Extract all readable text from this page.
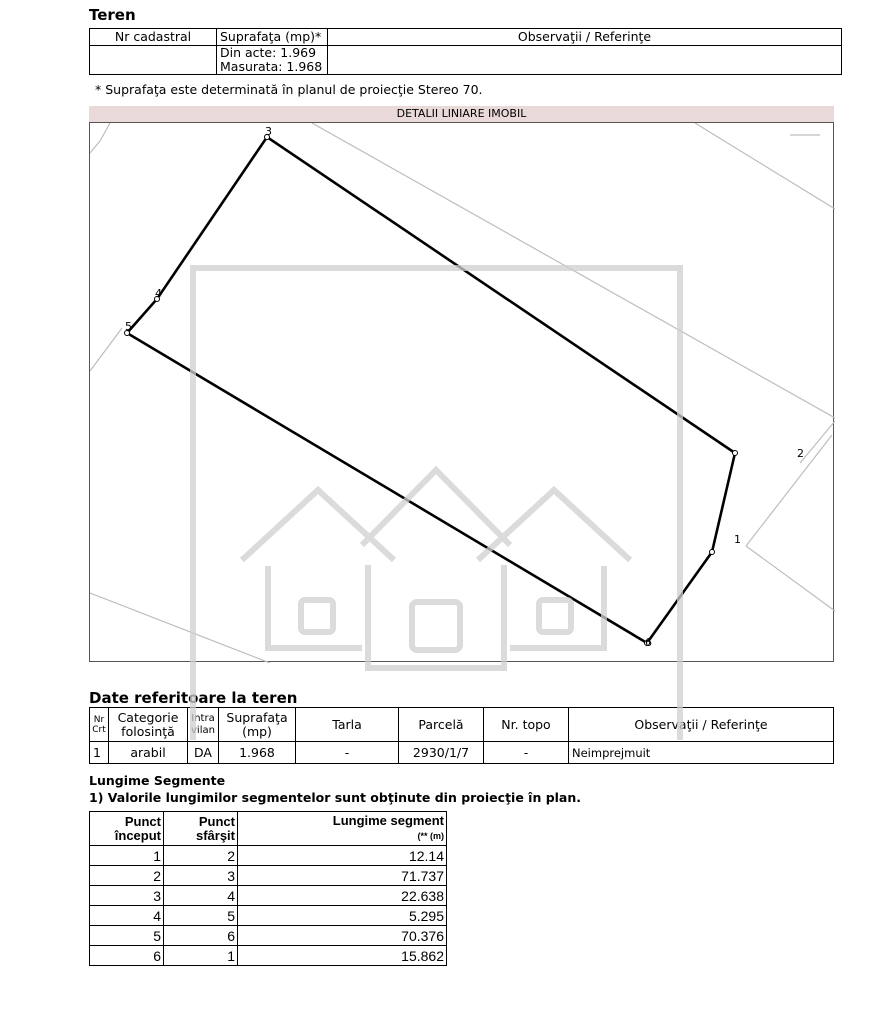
Teren
Nr cadastral	Suprafaţa (mp)*	Observaţii / Referinţe
	Din acte: 1.969	
	Masurata: 1.968	
* Suprafaţa este determinată în planul de proiecţie Stereo 70.
DETALII LINIARE IMOBIL
1
2
3
4
5
6
Date referitoare la teren
Nr Crt	Categorie folosinţă	Intra vilan	Suprafaţa (mp)	Tarla	Parcelă	Nr. topo	Observaţii / Referinţe
1	arabil	DA	1.968	-	2930/1/7	-	Neimprejmuit
Lungime Segmente
1) Valorile lungimilor segmentelor sunt obţinute din proiecţie în plan.
Punct început	Punct sfârşit	Lungime segment
(** (m)
1	2	12.14
2	3	71.737
3	4	22.638
4	5	5.295
5	6	70.376
6	1	15.862
